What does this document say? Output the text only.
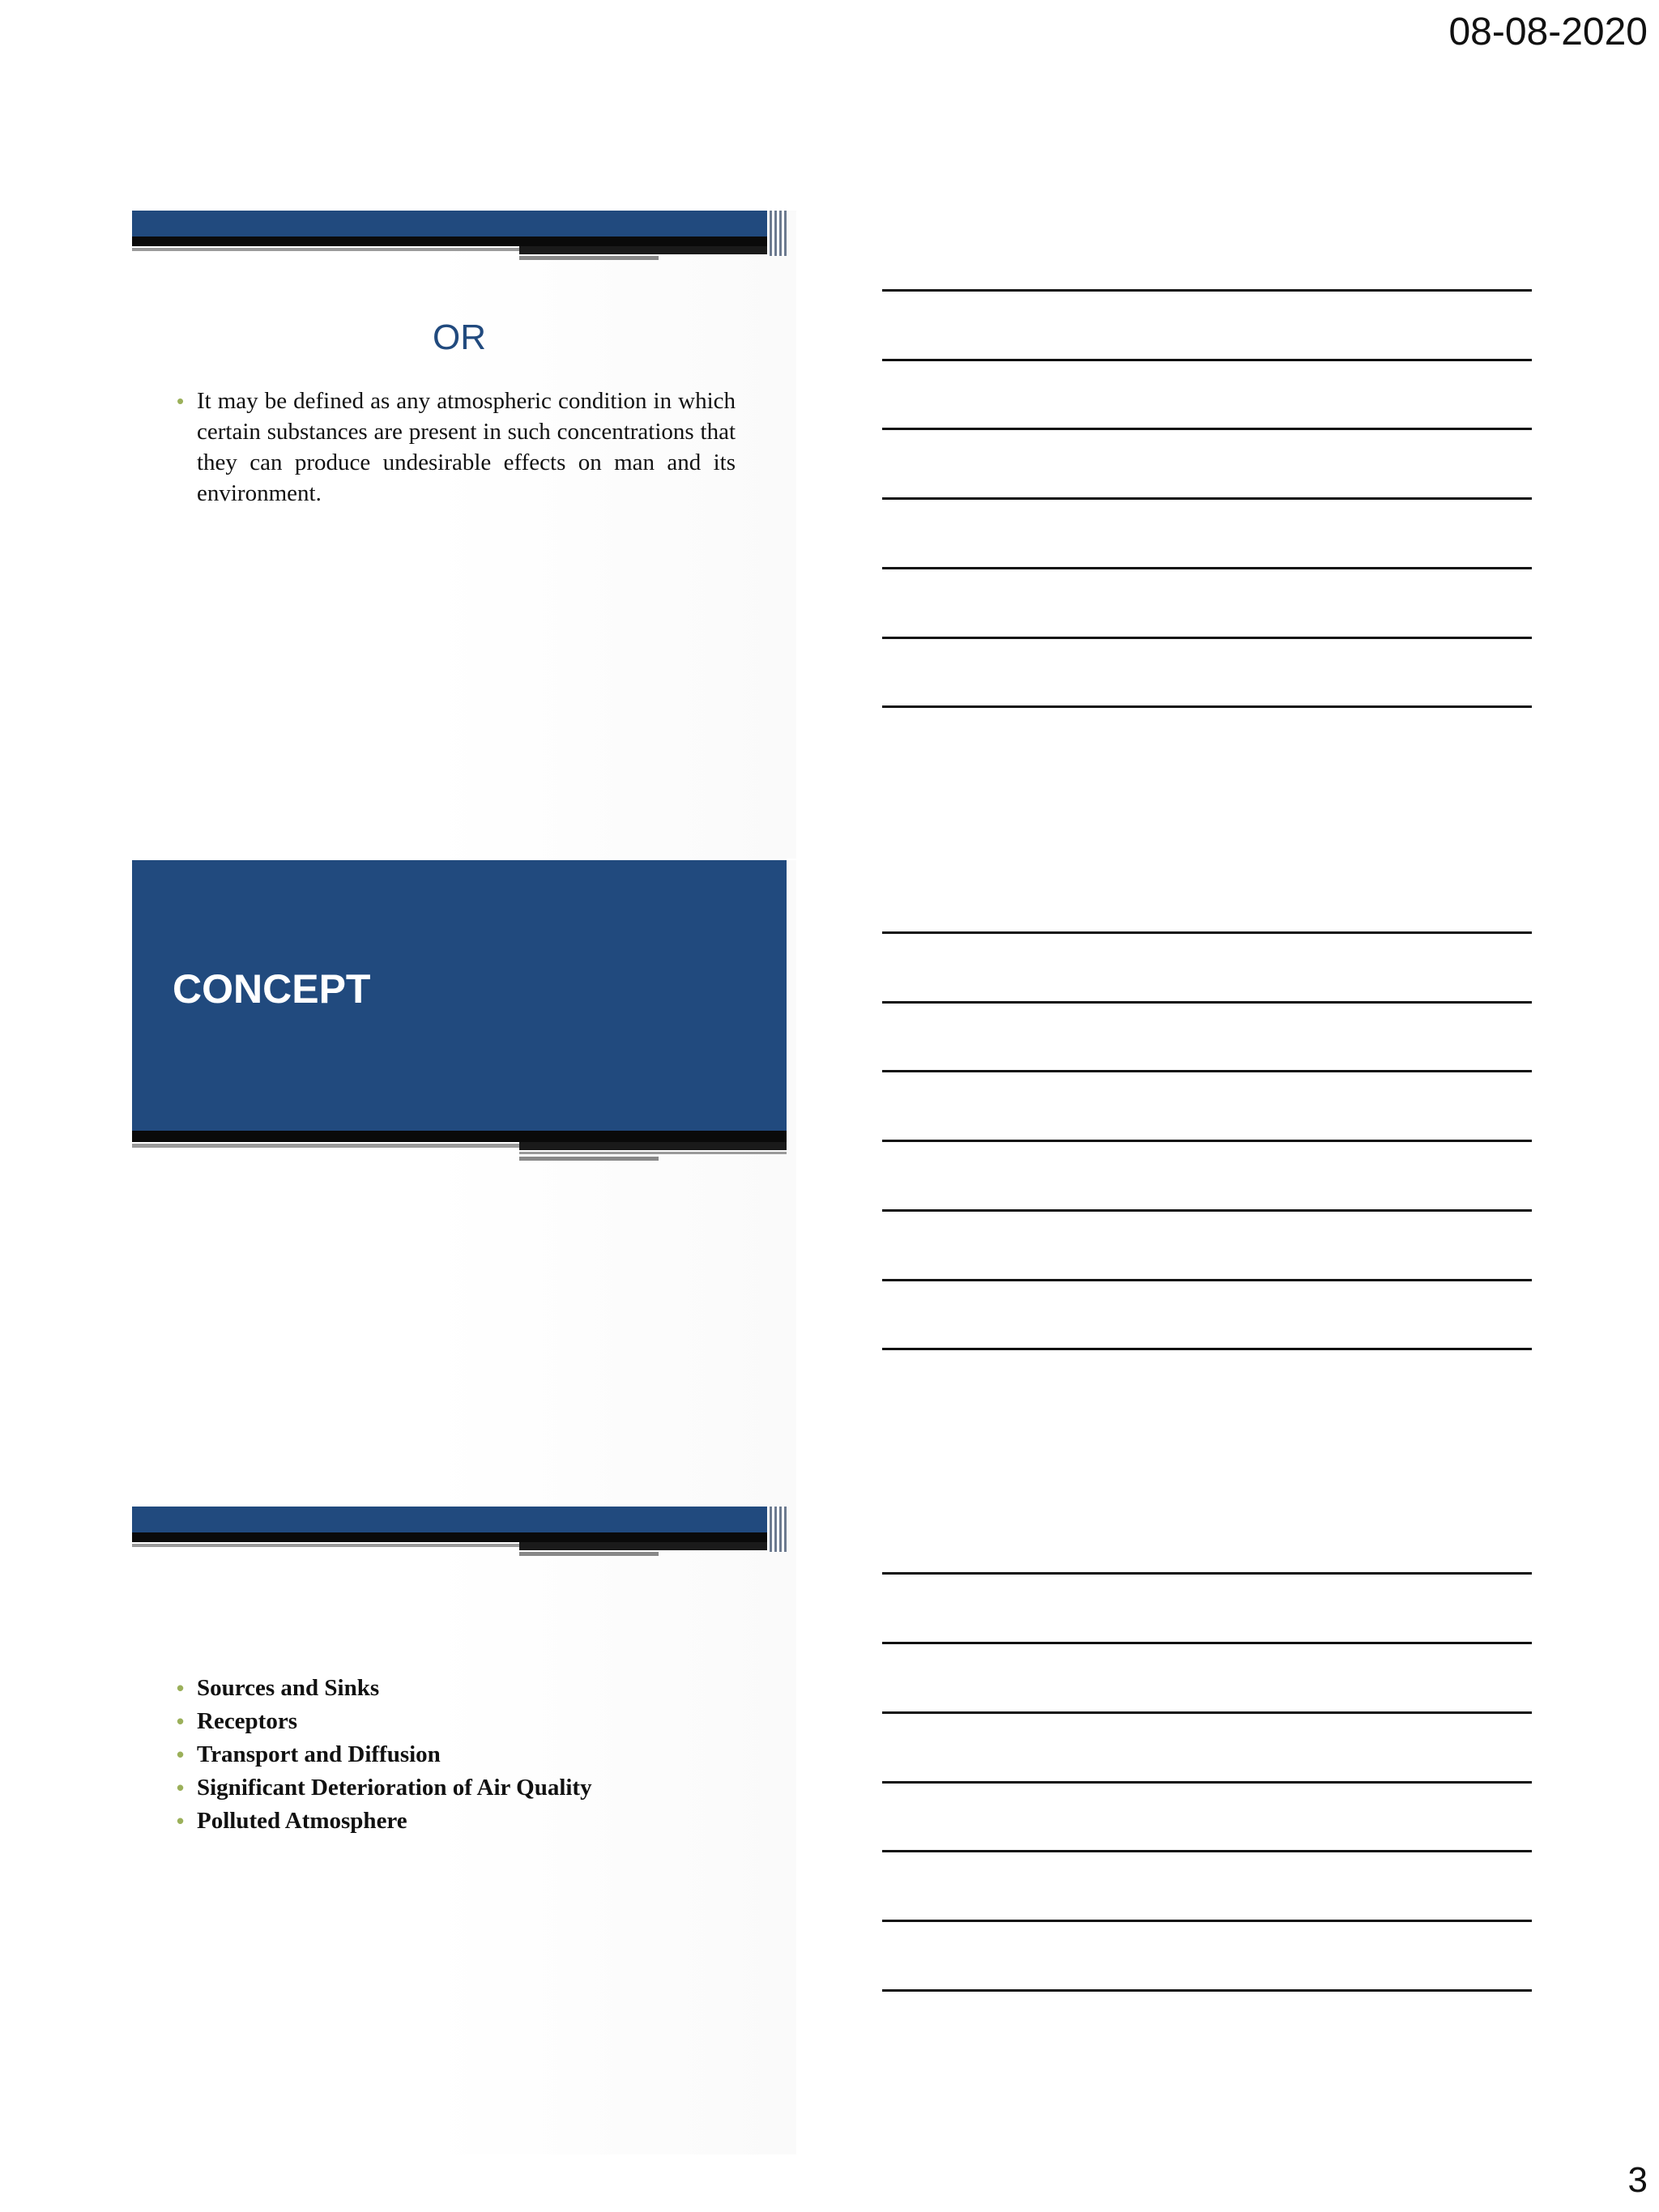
08-08-2020
OR
• It may be defined as any atmospheric condition in which certain substances are present in such concentrations that they can produce undesirable effects on man and its environment.
CONCEPT
• Sources and Sinks
• Receptors
• Transport and Diffusion
• Significant Deterioration of Air Quality
• Polluted Atmosphere
3
